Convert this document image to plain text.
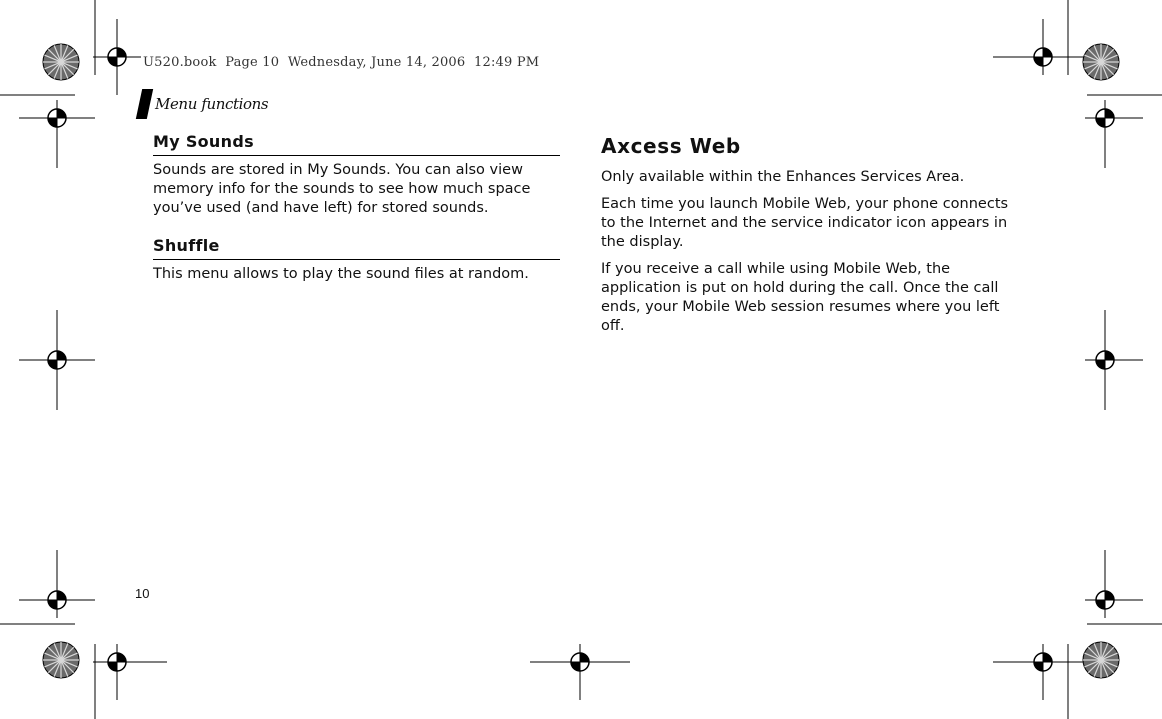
U520.book  Page 10  Wednesday, June 14, 2006  12:49 PM
Menu functions
My Sounds

Sounds are stored in My Sounds. You can also view memory info for the sounds to see how much space you’ve used (and have left) for stored sounds.

Shuffle

This menu allows to play the sound files at random.

Axcess Web

Only available within the Enhances Services Area.

Each time you launch Mobile Web, your phone connects to the Internet and the service indicator icon appears in the display.

If you receive a call while using Mobile Web, the application is put on hold during the call. Once the call ends, your Mobile Web session resumes where you left off.

10
